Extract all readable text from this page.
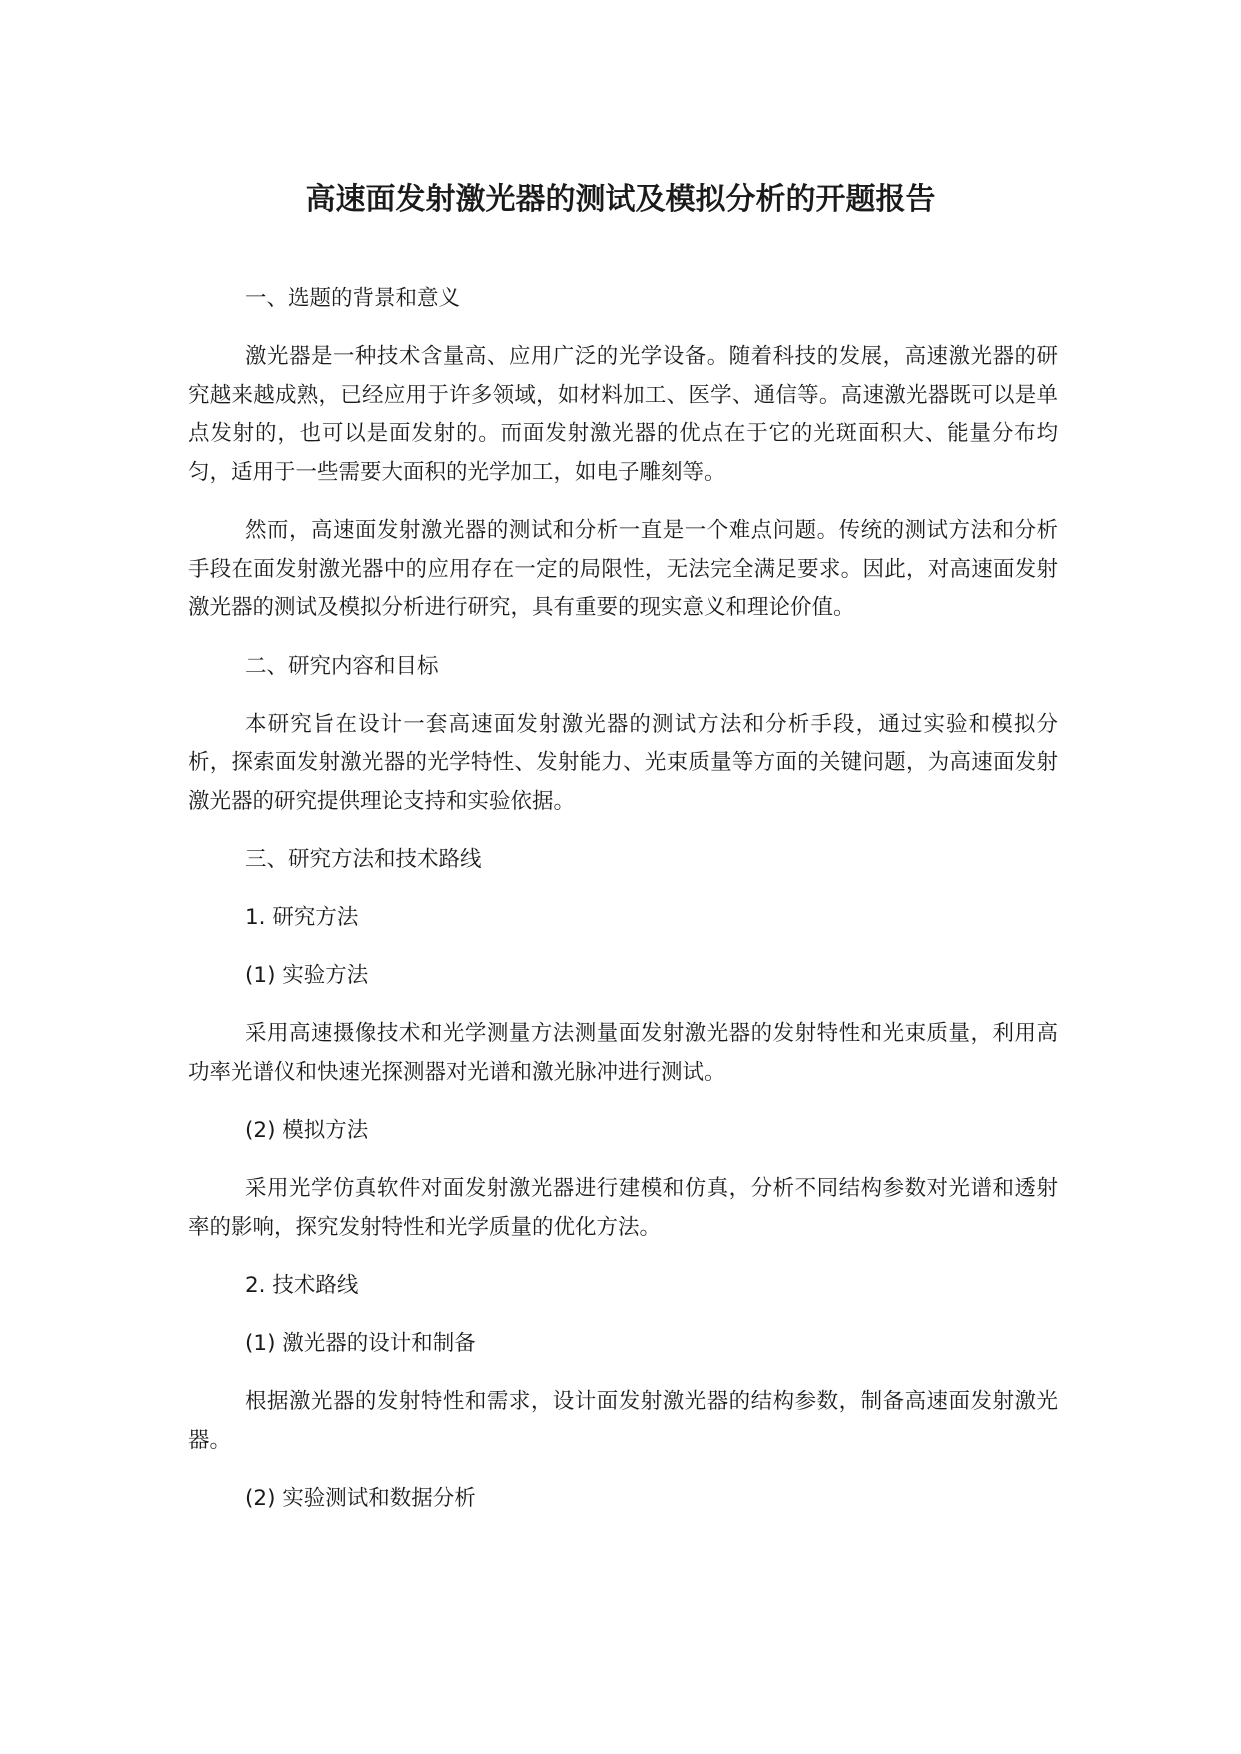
高速面发射激光器的测试及模拟分析的开题报告

一、选题的背景和意义

激光器是一种技术含量高、应用广泛的光学设备。随着科技的发展，高速激光器的研究越来越成熟，已经应用于许多领域，如材料加工、医学、通信等。高速激光器既可以是单点发射的，也可以是面发射的。而面发射激光器的优点在于它的光斑面积大、能量分布均匀，适用于一些需要大面积的光学加工，如电子雕刻等。

然而，高速面发射激光器的测试和分析一直是一个难点问题。传统的测试方法和分析手段在面发射激光器中的应用存在一定的局限性，无法完全满足要求。因此，对高速面发射激光器的测试及模拟分析进行研究，具有重要的现实意义和理论价值。

二、研究内容和目标

本研究旨在设计一套高速面发射激光器的测试方法和分析手段，通过实验和模拟分析，探索面发射激光器的光学特性、发射能力、光束质量等方面的关键问题，为高速面发射激光器的研究提供理论支持和实验依据。

三、研究方法和技术路线

1. 研究方法

(1) 实验方法

采用高速摄像技术和光学测量方法测量面发射激光器的发射特性和光束质量，利用高功率光谱仪和快速光探测器对光谱和激光脉冲进行测试。

(2) 模拟方法

采用光学仿真软件对面发射激光器进行建模和仿真，分析不同结构参数对光谱和透射率的影响，探究发射特性和光学质量的优化方法。

2. 技术路线

(1) 激光器的设计和制备

根据激光器的发射特性和需求，设计面发射激光器的结构参数，制备高速面发射激光器。

(2) 实验测试和数据分析
